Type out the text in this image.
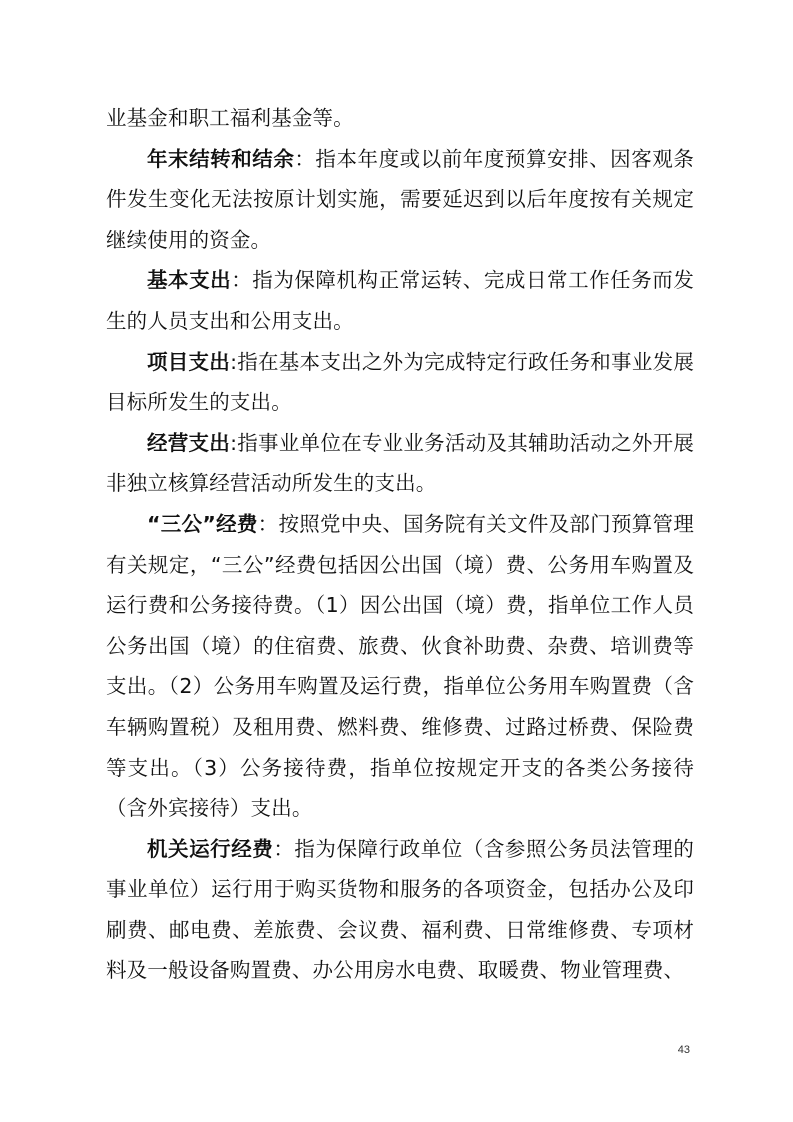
业基金和职工福利基金等。

年末结转和结余：指本年度或以前年度预算安排、因客观条件发生变化无法按原计划实施，需要延迟到以后年度按有关规定继续使用的资金。

基本支出：指为保障机构正常运转、完成日常工作任务而发生的人员支出和公用支出。

项目支出:指在基本支出之外为完成特定行政任务和事业发展目标所发生的支出。

经营支出:指事业单位在专业业务活动及其辅助活动之外开展非独立核算经营活动所发生的支出。

“三公”经费：按照党中央、国务院有关文件及部门预算管理有关规定，“三公”经费包括因公出国（境）费、公务用车购置及运行费和公务接待费。（1）因公出国（境）费，指单位工作人员公务出国（境）的住宿费、旅费、伙食补助费、杂费、培训费等支出。（2）公务用车购置及运行费，指单位公务用车购置费（含车辆购置税）及租用费、燃料费、维修费、过路过桥费、保险费等支出。（3）公务接待费，指单位按规定开支的各类公务接待（含外宾接待）支出。

机关运行经费：指为保障行政单位（含参照公务员法管理的事业单位）运行用于购买货物和服务的各项资金，包括办公及印刷费、邮电费、差旅费、会议费、福利费、日常维修费、专项材料及一般设备购置费、办公用房水电费、取暖费、物业管理费、

43
